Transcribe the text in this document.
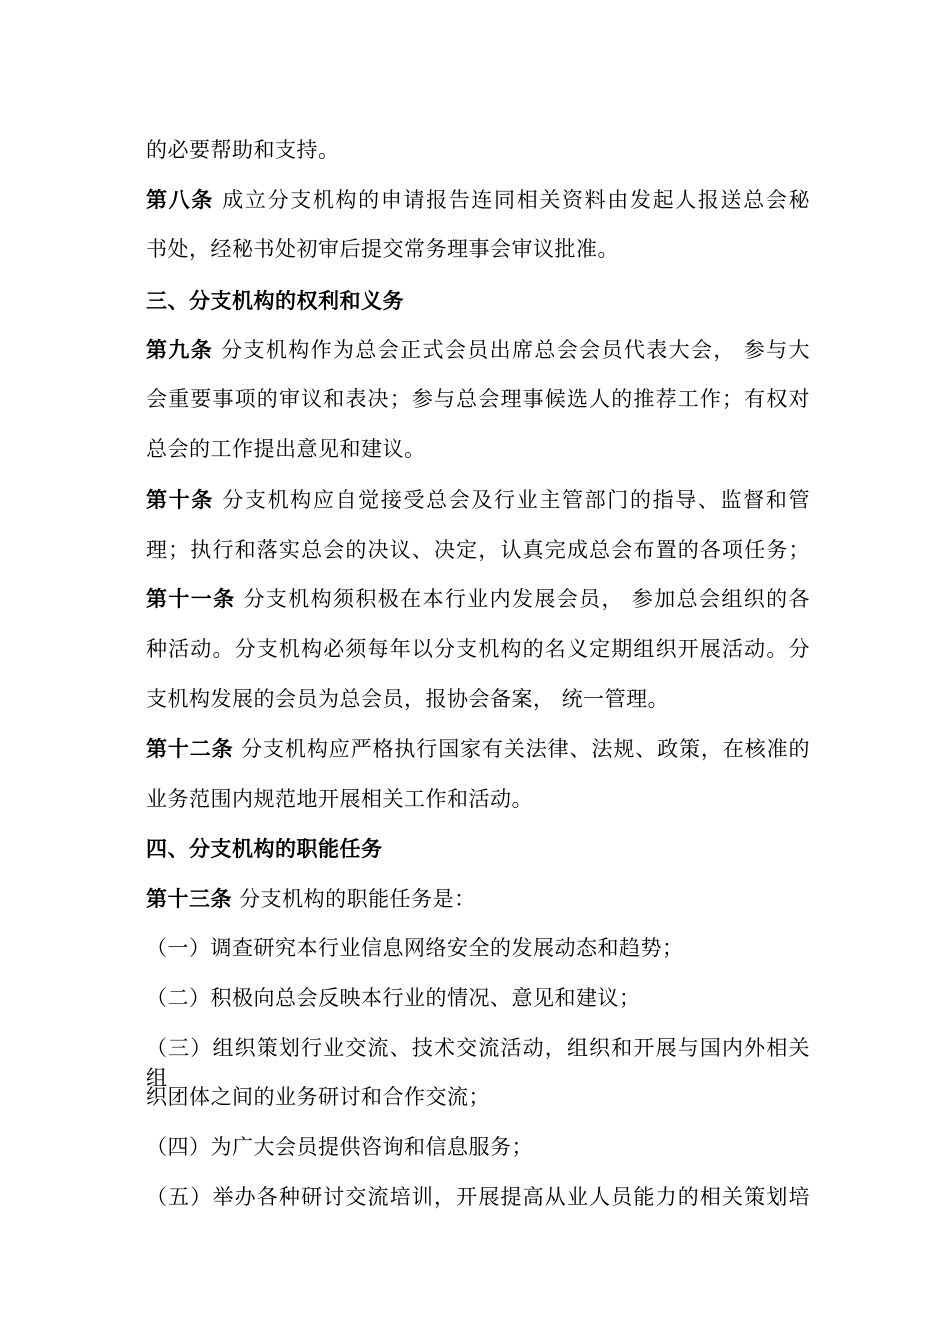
的必要帮助和支持。
第八条 成立分支机构的申请报告连同相关资料由发起人报送总会秘
书处，经秘书处初审后提交常务理事会审议批准。
三、分支机构的权利和义务
第九条 分支机构作为总会正式会员出席总会会员代表大会， 参与大
会重要事项的审议和表决；参与总会理事候选人的推荐工作；有权对
总会的工作提出意见和建议。
第十条 分支机构应自觉接受总会及行业主管部门的指导、监督和管
理；执行和落实总会的决议、决定，认真完成总会布置的各项任务；
第十一条 分支机构须积极在本行业内发展会员， 参加总会组织的各
种活动。分支机构必须每年以分支机构的名义定期组织开展活动。分
支机构发展的会员为总会员，报协会备案， 统一管理。
第十二条 分支机构应严格执行国家有关法律、法规、政策，在核准的
业务范围内规范地开展相关工作和活动。
四、分支机构的职能任务
第十三条 分支机构的职能任务是：
（一）调查研究本行业信息网络安全的发展动态和趋势；
（二）积极向总会反映本行业的情况、意见和建议；
（三）组织策划行业交流、技术交流活动，组织和开展与国内外相关组
织团体之间的业务研讨和合作交流；
（四）为广大会员提供咨询和信息服务；
（五）举办各种研讨交流培训，开展提高从业人员能力的相关策划培
